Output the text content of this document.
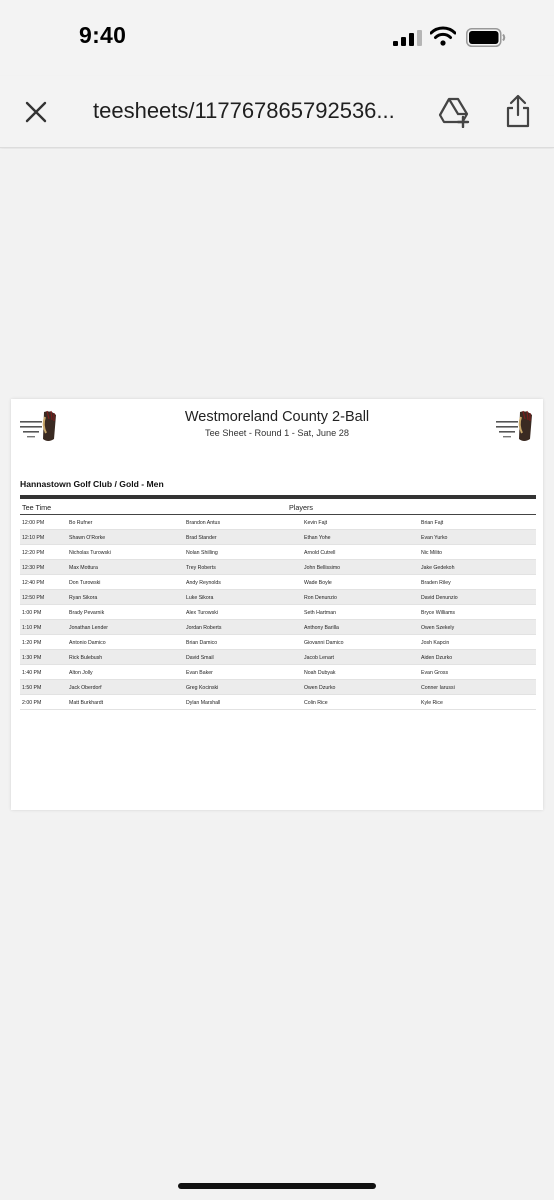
9:40
teesheets/117767865792536...
Westmoreland County 2-Ball
Tee Sheet - Round 1 - Sat, June 28
Hannastown Golf Club / Gold - Men
Tee Time	Players
12:00 PM	Bo Rufner	Brandon Antus	Kevin Fajt	Brian Fajt
12:10 PM	Shawn O'Rorke	Brad Stander	Ethan Yohe	Evan Yurko
12:20 PM	Nicholas Turowski	Nolan Shilling	Arnold Cutrell	Nic Milito
12:30 PM	Max Mottura	Trey Roberts	John Bellissimo	Jake Gedekoh
12:40 PM	Don Turowski	Andy Reynolds	Wade Boyle	Braden Riley
12:50 PM	Ryan Sikora	Luke Sikora	Ron Denunzio	David Denunzio
1:00 PM	Brady Pevarnik	Alex Turowski	Seth Hartman	Bryce Williams
1:10 PM	Jonathan Lender	Jordan Roberts	Anthony Barilla	Owen Szekely
1:20 PM	Antonio Damico	Brian Damico	Giovanni Damico	Josh Kapcin
1:30 PM	Rick Bulebush	David Smail	Jacob Lenart	Aiden Dzurko
1:40 PM	Alton Jolly	Evan Baker	Noah Dubyak	Evan Gross
1:50 PM	Jack Oberdorf	Greg Kocinski	Owen Dzurko	Conner Iarussi
2:00 PM	Matt Burkhardt	Dylan Marshall	Colin Rice	Kyle Rice
